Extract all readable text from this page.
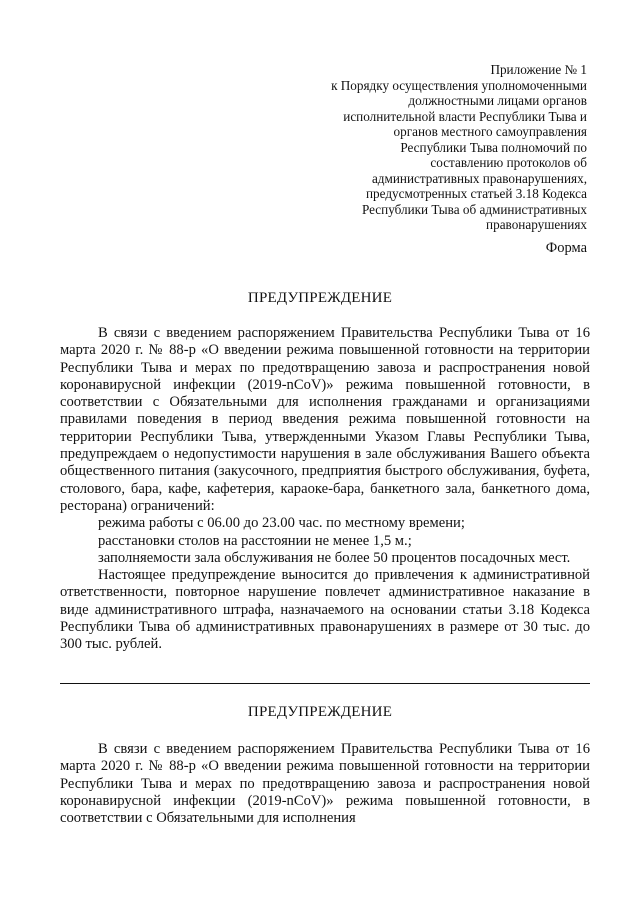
Приложение № 1
к Порядку осуществления уполномоченными
должностными лицами органов
исполнительной власти Республики Тыва и
органов местного самоуправления
Республики Тыва полномочий по
составлению протоколов об
административных правонарушениях,
предусмотренных статьей 3.18 Кодекса
Республики Тыва об административных
правонарушениях
Форма
ПРЕДУПРЕЖДЕНИЕ

В связи с введением распоряжением Правительства Республики Тыва от 16 марта 2020 г. № 88-р «О введении режима повышенной готовности на территории Республики Тыва и мерах по предотвращению завоза и распространения новой коронавирусной инфекции (2019-nCoV)» режима повышенной готовности, в соответствии с Обязательными для исполнения гражданами и организациями правилами поведения в период введения режима повышенной готовности на территории Республики Тыва, утвержденными Указом Главы Республики Тыва, предупреждаем о недопустимости нарушения в зале обслуживания Вашего объекта общественного питания (закусочного, предприятия быстрого обслуживания, буфета, столового, бара, кафе, кафетерия, караоке-бара, банкетного зала, банкетного дома, ресторана) ограничений:

режима работы с 06.00 до 23.00 час. по местному времени;

расстановки столов на расстоянии не менее 1,5 м.;

заполняемости зала обслуживания не более 50 процентов посадочных мест.

Настоящее предупреждение выносится до привлечения к административной ответственности, повторное нарушение повлечет административное наказание в виде административного штрафа, назначаемого на основании статьи 3.18 Кодекса Республики Тыва об административных правонарушениях в размере от 30 тыс. до 300 тыс. рублей.

ПРЕДУПРЕЖДЕНИЕ

В связи с введением распоряжением Правительства Республики Тыва от 16 марта 2020 г. № 88-р «О введении режима повышенной готовности на территории Республики Тыва и мерах по предотвращению завоза и распространения новой коронавирусной инфекции (2019-nCoV)» режима повышенной готовности, в соответствии с Обязательными для исполнения
